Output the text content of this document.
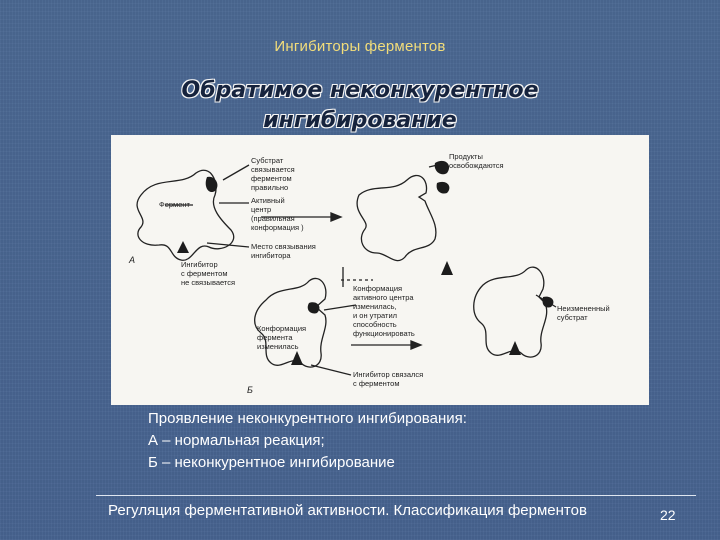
Ингибиторы ферментов
Обратимое неконкурентное
ингибирование
Фермент
А
Б
Субстрат
связывается
ферментом
правильно
Активный
центр
(правильная
конформация )
Место связывания
ингибитора
Продукты
освобождаются
Ингибитор
с ферментом
не связывается
Конформация
фермента
изменилась
Конформация
активного центра
изменилась,
и он утратил
способность
функционировать
Ингибитор связался
с ферментом
Неизмененный
субстрат
Проявление неконкурентного ингибирования:
А – нормальная реакция;
Б – неконкурентное ингибирование
Регуляция ферментативной активности. Классификация ферментов	22
